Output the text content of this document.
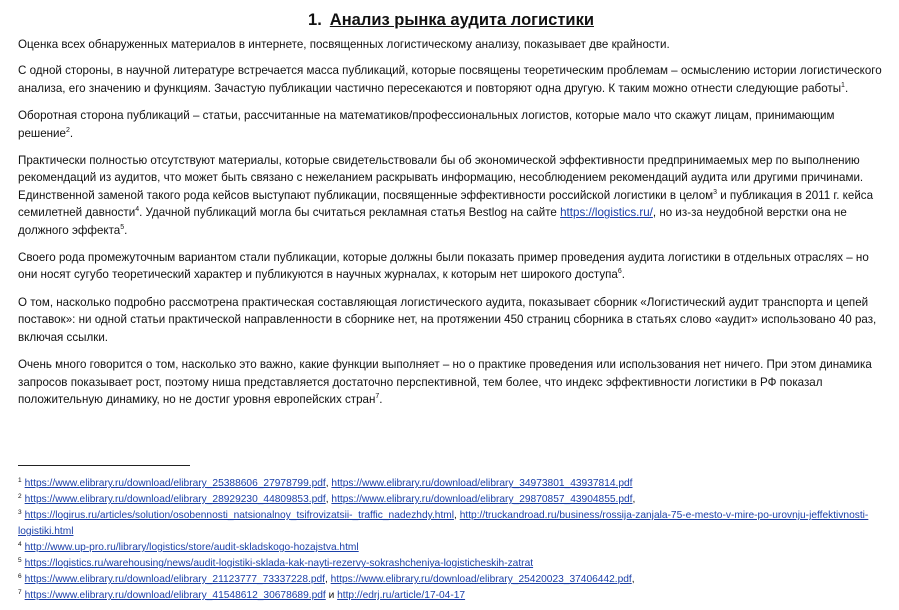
1. Анализ рынка аудита логистики

Оценка всех обнаруженных материалов в интернете, посвященных логистическому анализу, показывает две крайности.

С одной стороны, в научной литературе встречается масса публикаций, которые посвящены теоретическим проблемам – осмыслению истории логистического анализа, его значению и функциям. Зачастую публикации частично пересекаются и повторяют одна другую. К таким можно отнести следующие работы$^1$.

Оборотная сторона публикаций – статьи, рассчитанные на математиков/профессиональных логистов, которые мало что скажут лицам, принимающим решение$^2$.

Практически полностью отсутствуют материалы, которые свидетельствовали бы об экономической эффективности предпринимаемых мер по выполнению рекомендаций из аудитов, что может быть связано с нежеланием раскрывать информацию, несоблюдением рекомендаций аудита или другими причинами. Единственной заменой такого рода кейсов выступают публикации, посвященные эффективности российской логистики в целом$^3$ и публикация в 2011 г. кейса семилетней давности$^4$. Удачной публикаций могла бы считаться рекламная статья Bestlog на сайте https://logistics.ru/, но из-за неудобной верстки она не должного эффекта$^5$.

Своего рода промежуточным вариантом стали публикации, которые должны были показать пример проведения аудита логистики в отдельных отраслях – но они носят сугубо теоретический характер и публикуются в научных журналах, к которым нет широкого доступа$^6$.

О том, насколько подробно рассмотрена практическая составляющая логистического аудита, показывает сборник «Логистический аудит транспорта и цепей поставок»: ни одной статьи практической направленности в сборнике нет, на протяжении 450 страниц сборника в статьях слово «аудит» использовано 40 раз, включая ссылки.

Очень много говорится о том, насколько это важно, какие функции выполняет – но о практике проведения или использования нет ничего. При этом динамика запросов показывает рост, поэтому ниша представляется достаточно перспективной, тем более, что индекс эффективности логистики в РФ показал положительную динамику, но не достиг уровня европейских стран$^7$.

$^1$ https://www.elibrary.ru/download/elibrary_25388606_27978799.pdf, https://www.elibrary.ru/download/elibrary_34973801_43937814.pdf

$^2$ https://www.elibrary.ru/download/elibrary_28929230_44809853.pdf, https://www.elibrary.ru/download/elibrary_29870857_43904855.pdf,

$^3$ https://logirus.ru/articles/solution/osobennosti_natsionalnoy_tsifrovizatsii-_traffic_nadezhdy.html, http://truckandroad.ru/business/rossija-zanjala-75-e-mesto-v-mire-po-urovnju-jeffektivnosti-logistiki.html

$^4$ http://www.up-pro.ru/library/logistics/store/audit-skladskogo-hozajstva.html

$^5$ https://logistics.ru/warehousing/news/audit-logistiki-sklada-kak-nayti-rezervy-sokrashcheniya-logisticheskih-zatrat

$^6$ https://www.elibrary.ru/download/elibrary_21123777_73337228.pdf, https://www.elibrary.ru/download/elibrary_25420023_37406442.pdf,

$^7$ https://www.elibrary.ru/download/elibrary_41548612_30678689.pdf и http://edrj.ru/article/17-04-17
